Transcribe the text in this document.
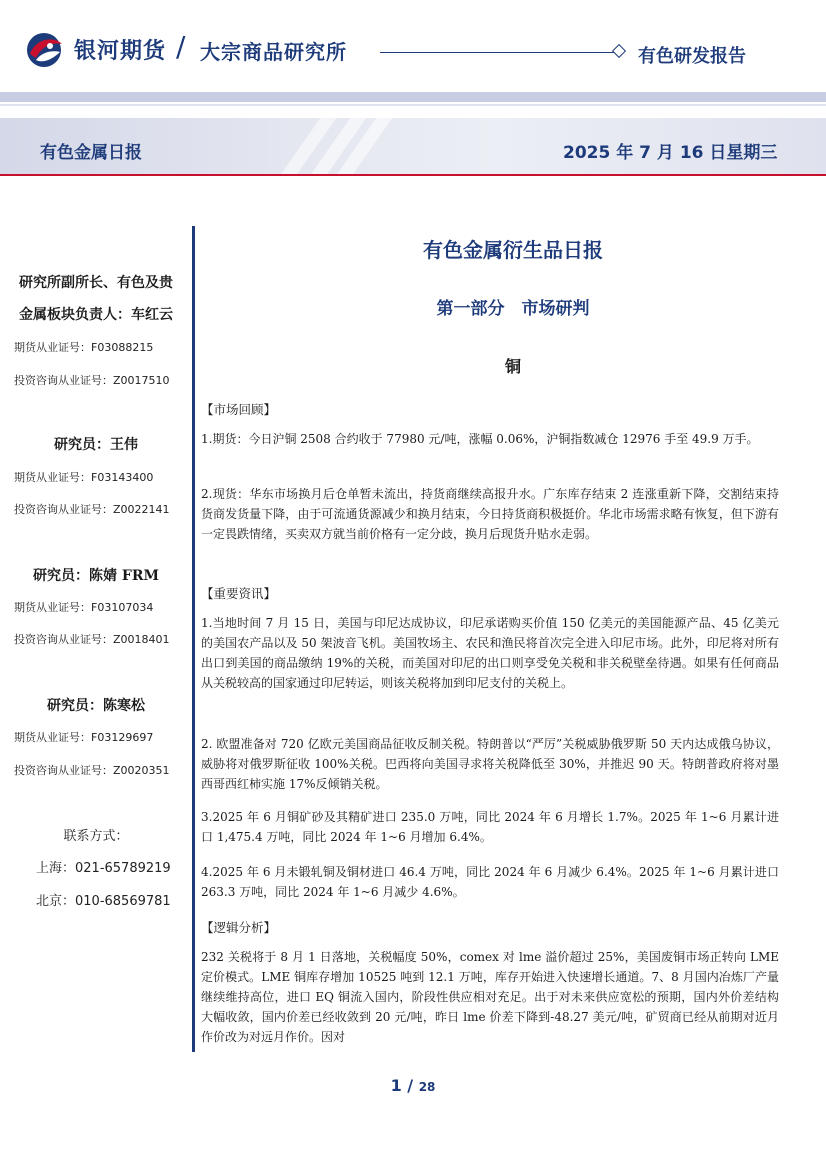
银河期货 / 大宗商品研究所	有色研发报告
有色金属日报	2025 年 7 月 16 日星期三
研究所副所长、有色及贵
金属板块负责人：车红云
期货从业证号：F03088215
投资咨询从业证号：Z0017510
研究员：王伟
期货从业证号：F03143400
投资咨询从业证号：Z0022141
研究员：陈婧 FRM
期货从业证号：F03107034
投资咨询从业证号：Z0018401
研究员：陈寒松
期货从业证号：F03129697
投资咨询从业证号：Z0020351
联系方式：
上海：021-65789219
北京：010-68569781
有色金属衍生品日报
第一部分　市场研判
铜
【市场回顾】
1.期货：今日沪铜 2508 合约收于 77980 元/吨，涨幅 0.06%，沪铜指数减仓 12976 手至 49.9 万手。
2.现货：华东市场换月后仓单暂未流出，持货商继续高报升水。广东库存结束 2 连涨重新下降，交割结束持货商发货量下降，由于可流通货源减少和换月结束，今日持货商积极挺价。华北市场需求略有恢复，但下游有一定畏跌情绪，买卖双方就当前价格有一定分歧，换月后现货升贴水走弱。
【重要资讯】
1.当地时间 7 月 15 日，美国与印尼达成协议，印尼承诺购买价值 150 亿美元的美国能源产品、45 亿美元的美国农产品以及 50 架波音飞机。美国牧场主、农民和渔民将首次完全进入印尼市场。此外，印尼将对所有出口到美国的商品缴纳 19%的关税，而美国对印尼的出口则享受免关税和非关税壁垒待遇。如果有任何商品从关税较高的国家通过印尼转运，则该关税将加到印尼支付的关税上。
2. 欧盟准备对 720 亿欧元美国商品征收反制关税。特朗普以“严厉”关税威胁俄罗斯 50 天内达成俄乌协议，威胁将对俄罗斯征收 100%关税。巴西将向美国寻求将关税降低至 30%，并推迟 90 天。特朗普政府将对墨西哥西红柿实施 17%反倾销关税。
3.2025 年 6 月铜矿砂及其精矿进口 235.0 万吨，同比 2024 年 6 月增长 1.7%。2025 年 1~6 月累计进口 1,475.4 万吨，同比 2024 年 1~6 月增加 6.4%。
4.2025 年 6 月未锻轧铜及铜材进口 46.4 万吨，同比 2024 年 6 月减少 6.4%。2025 年 1~6 月累计进口 263.3 万吨，同比 2024 年 1~6 月减少 4.6%。
【逻辑分析】
232 关税将于 8 月 1 日落地，关税幅度 50%，comex 对 lme 溢价超过 25%，美国废铜市场正转向 LME 定价模式。LME 铜库存增加 10525 吨到 12.1 万吨，库存开始进入快速增长通道。7、8 月国内冶炼厂产量继续维持高位，进口 EQ 铜流入国内，阶段性供应相对充足。出于对未来供应宽松的预期，国内外价差结构大幅收敛，国内价差已经收敛到 20 元/吨，昨日 lme 价差下降到-48.27 美元/吨，矿贸商已经从前期对近月作价改为对远月作价。因对
1 / 28
